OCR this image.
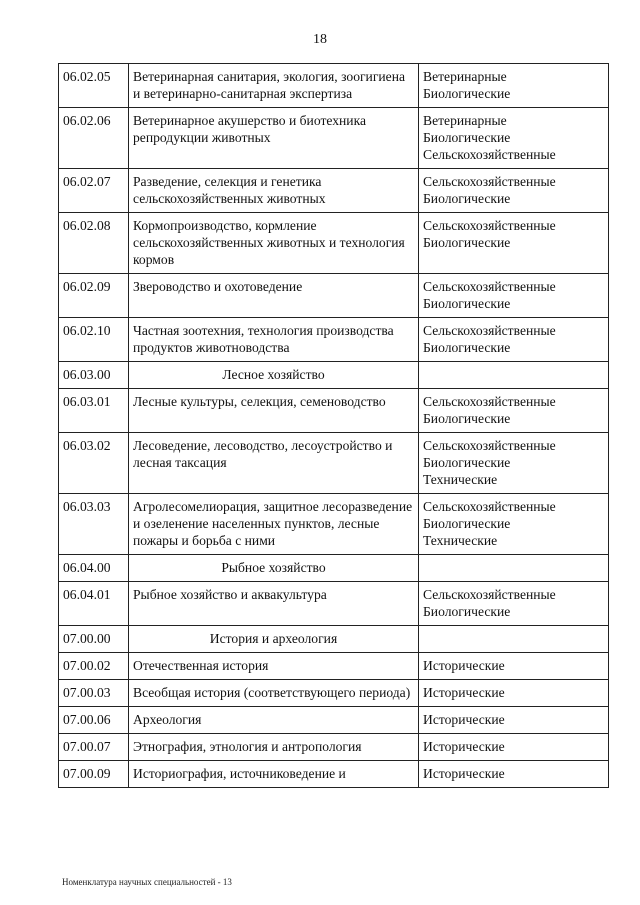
18
06.02.05	Ветеринарная санитария, экология, зоогигиена и ветеринарно-санитарная экспертиза	Ветеринарные
Биологические

06.02.06	Ветеринарное акушерство и биотехника репродукции животных	Ветеринарные
Биологические
Сельскохозяйственные

06.02.07	Разведение, селекция и генетика сельскохозяйственных животных	Сельскохозяйственные
Биологические

06.02.08	Кормопроизводство, кормление сельскохозяйственных животных и технология кормов	Сельскохозяйственные
Биологические

06.02.09	Звероводство и охотоведение	Сельскохозяйственные
Биологические

06.02.10	Частная зоотехния, технология производства продуктов животноводства	Сельскохозяйственные
Биологические

06.03.00	Лесное хозяйство	
06.03.01	Лесные культуры, селекция, семеноводство	Сельскохозяйственные
Биологические

06.03.02	Лесоведение, лесоводство, лесоустройство и лесная таксация	Сельскохозяйственные
Биологические
Технические

06.03.03	Агролесомелиорация, защитное лесоразведение и озеленение населенных пунктов, лесные пожары и борьба с ними	Сельскохозяйственные
Биологические
Технические

06.04.00	Рыбное хозяйство	
06.04.01	Рыбное хозяйство и аквакультура	Сельскохозяйственные
Биологические

07.00.00	История и археология	
07.00.02	Отечественная история	Исторические

07.00.03	Всеобщая история (соответствующего периода)	Исторические

07.00.06	Археология	Исторические

07.00.07	Этнография, этнология и антропология	Исторические

07.00.09	Историография, источниковедение и	Исторические
Номенклатура научных специальностей - 13
